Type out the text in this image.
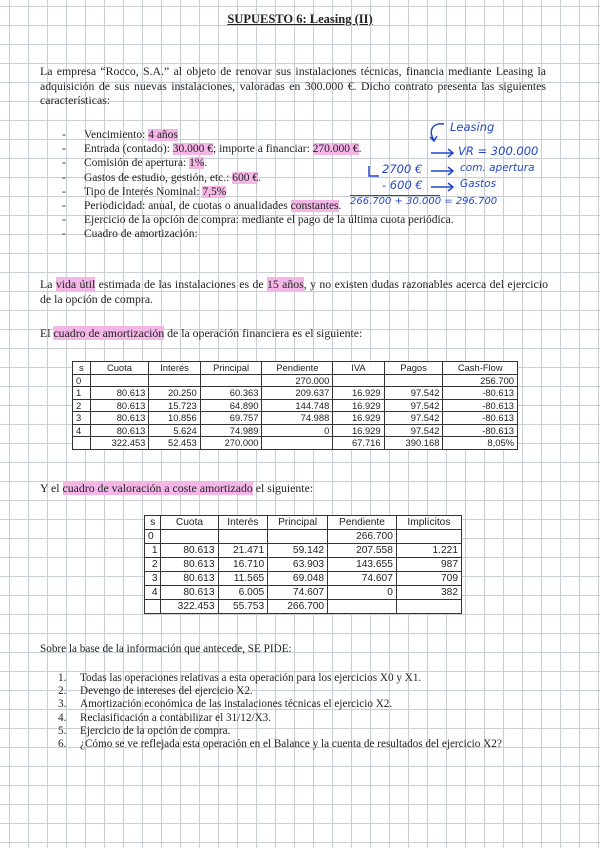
SUPUESTO 6: Leasing (II)
La empresa “Rocco, S.A.” al objeto de renovar sus instalaciones técnicas, financia mediante Leasing la adquisición de sus nuevas instalaciones, valoradas en 300.000 €. Dicho contrato presenta las siguientes características:
- Vencimiento: 4 años
- Entrada (contado): 30.000 €; importe a financiar: 270.000 €.
- Comisión de apertura: 1%.
- Gastos de estudio, gestión, etc.: 600 €.
- Tipo de Interés Nominal: 7,5%
- Periodicidad: anual, de cuotas o anualidades constantes.
- Ejercicio de la opción de compra: mediante el pago de la última cuota periódica.
- Cuadro de amortización:
Leasing
VR = 300.000
2700 €	com. apertura
- 600 €	Gastos
266.700 + 30.000 = 296.700
La vida útil estimada de las instalaciones es de 15 años, y no existen dudas razonables acerca del ejercicio de la opción de compra.
El cuadro de amortización de la operación financiera es el siguiente:
s	Cuota	Interés	Principal	Pendiente	IVA	Pagos	Cash-Flow
0				270.000			256.700
1	80.613	20.250	60.363	209.637	16.929	97.542	-80.613
2	80.613	15.723	64.890	144.748	16.929	97.542	-80.613
3	80.613	10.856	69.757	74.988	16.929	97.542	-80.613
4	80.613	5.624	74.989	0	16.929	97.542	-80.613
	322.453	52.453	270.000		67.716	390.168	8,05%
Y el cuadro de valoración a coste amortizado el siguiente:
s	Cuota	Interés	Principal	Pendiente	Implícitos
0				266.700	
1	80.613	21.471	59.142	207.558	1.221
2	80.613	16.710	63.903	143.655	987
3	80.613	11.565	69.048	74.607	709
4	80.613	6.005	74.607	0	382
	322.453	55.753	266.700		
Sobre la base de la información que antecede, SE PIDE:
1. Todas las operaciones relativas a esta operación para los ejercicios X0 y X1.
2. Devengo de intereses del ejercicio X2.
3. Amortización económica de las instalaciones técnicas el ejercicio X2.
4. Reclasificación a contabilizar el 31/12/X3.
5. Ejercicio de la opción de compra.
6. ¿Cómo se ve reflejada esta operación en el Balance y la cuenta de resultados del ejercicio X2?
